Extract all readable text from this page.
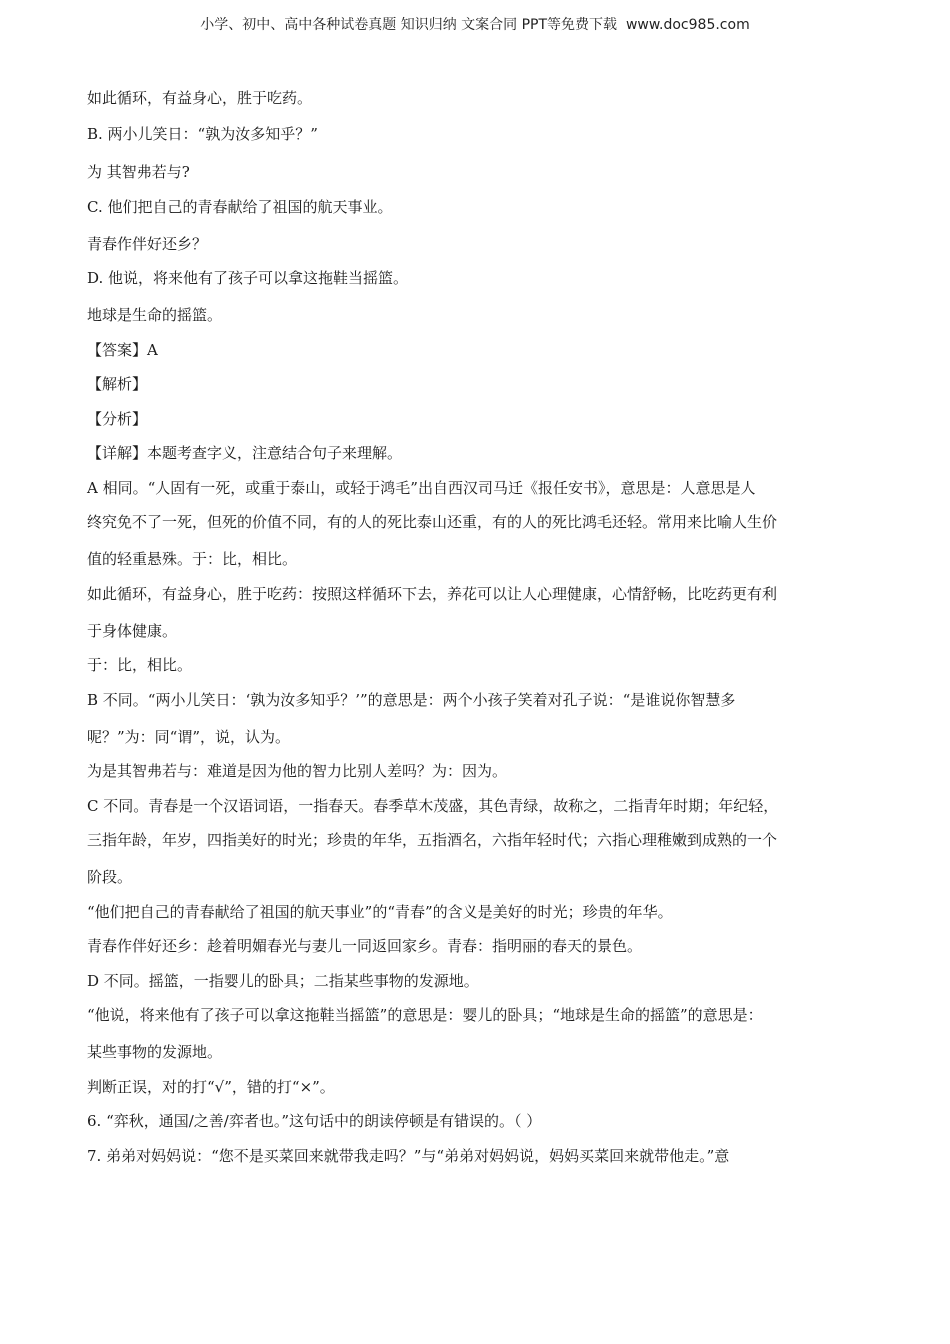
小学、初中、高中各种试卷真题 知识归纳 文案合同 PPT等免费下载 www.doc985.com
如此循环，有益身心，胜于吃药。
B. 两小儿笑日：“孰为汝多知乎？”
为 其智弗若与?
C. 他们把自己的青春献给了祖国的航天事业。
青春作伴好还乡？
D. 他说，将来他有了孩子可以拿这拖鞋当摇篮。
地球是生命的摇篮。
【答案】A
【解析】
【分析】
【详解】本题考查字义，注意结合句子来理解。
A 相同。“人固有一死，或重于泰山，或轻于鸿毛”出自西汉司马迁《报任安书》，意思是：人意思是人
终究免不了一死，但死的价值不同，有的人的死比泰山还重，有的人的死比鸿毛还轻。常用来比喻人生价
值的轻重悬殊。于：比，相比。
如此循环，有益身心，胜于吃药：按照这样循环下去，养花可以让人心理健康，心情舒畅，比吃药更有利
于身体健康。
于：比，相比。
B 不同。“两小儿笑日：‘孰为汝多知乎？’”的意思是：两个小孩子笑着对孔子说：“是谁说你智慧多
呢？”为：同“谓”，说，认为。
为是其智弗若与：难道是因为他的智力比别人差吗？为：因为。
C 不同。青春是一个汉语词语，一指春天。春季草木茂盛，其色青绿，故称之，二指青年时期；年纪轻，
三指年龄，年岁，四指美好的时光；珍贵的年华，五指酒名，六指年轻时代；六指心理稚嫩到成熟的一个
阶段。
“他们把自己的青春献给了祖国的航天事业”的“青春”的含义是美好的时光；珍贵的年华。
青春作伴好还乡：趁着明媚春光与妻儿一同返回家乡。青春：指明丽的春天的景色。
D 不同。摇篮，一指婴儿的卧具；二指某些事物的发源地。
“他说，将来他有了孩子可以拿这拖鞋当摇篮”的意思是：婴儿的卧具；“地球是生命的摇篮”的意思是：
某些事物的发源地。
判断正误，对的打“√”，错的打“×”。
6. “弈秋，通国/之善/弈者也。”这句话中的朗读停顿是有错误的。（ ）
7. 弟弟对妈妈说：“您不是买菜回来就带我走吗？”与“弟弟对妈妈说，妈妈买菜回来就带他走。”意
